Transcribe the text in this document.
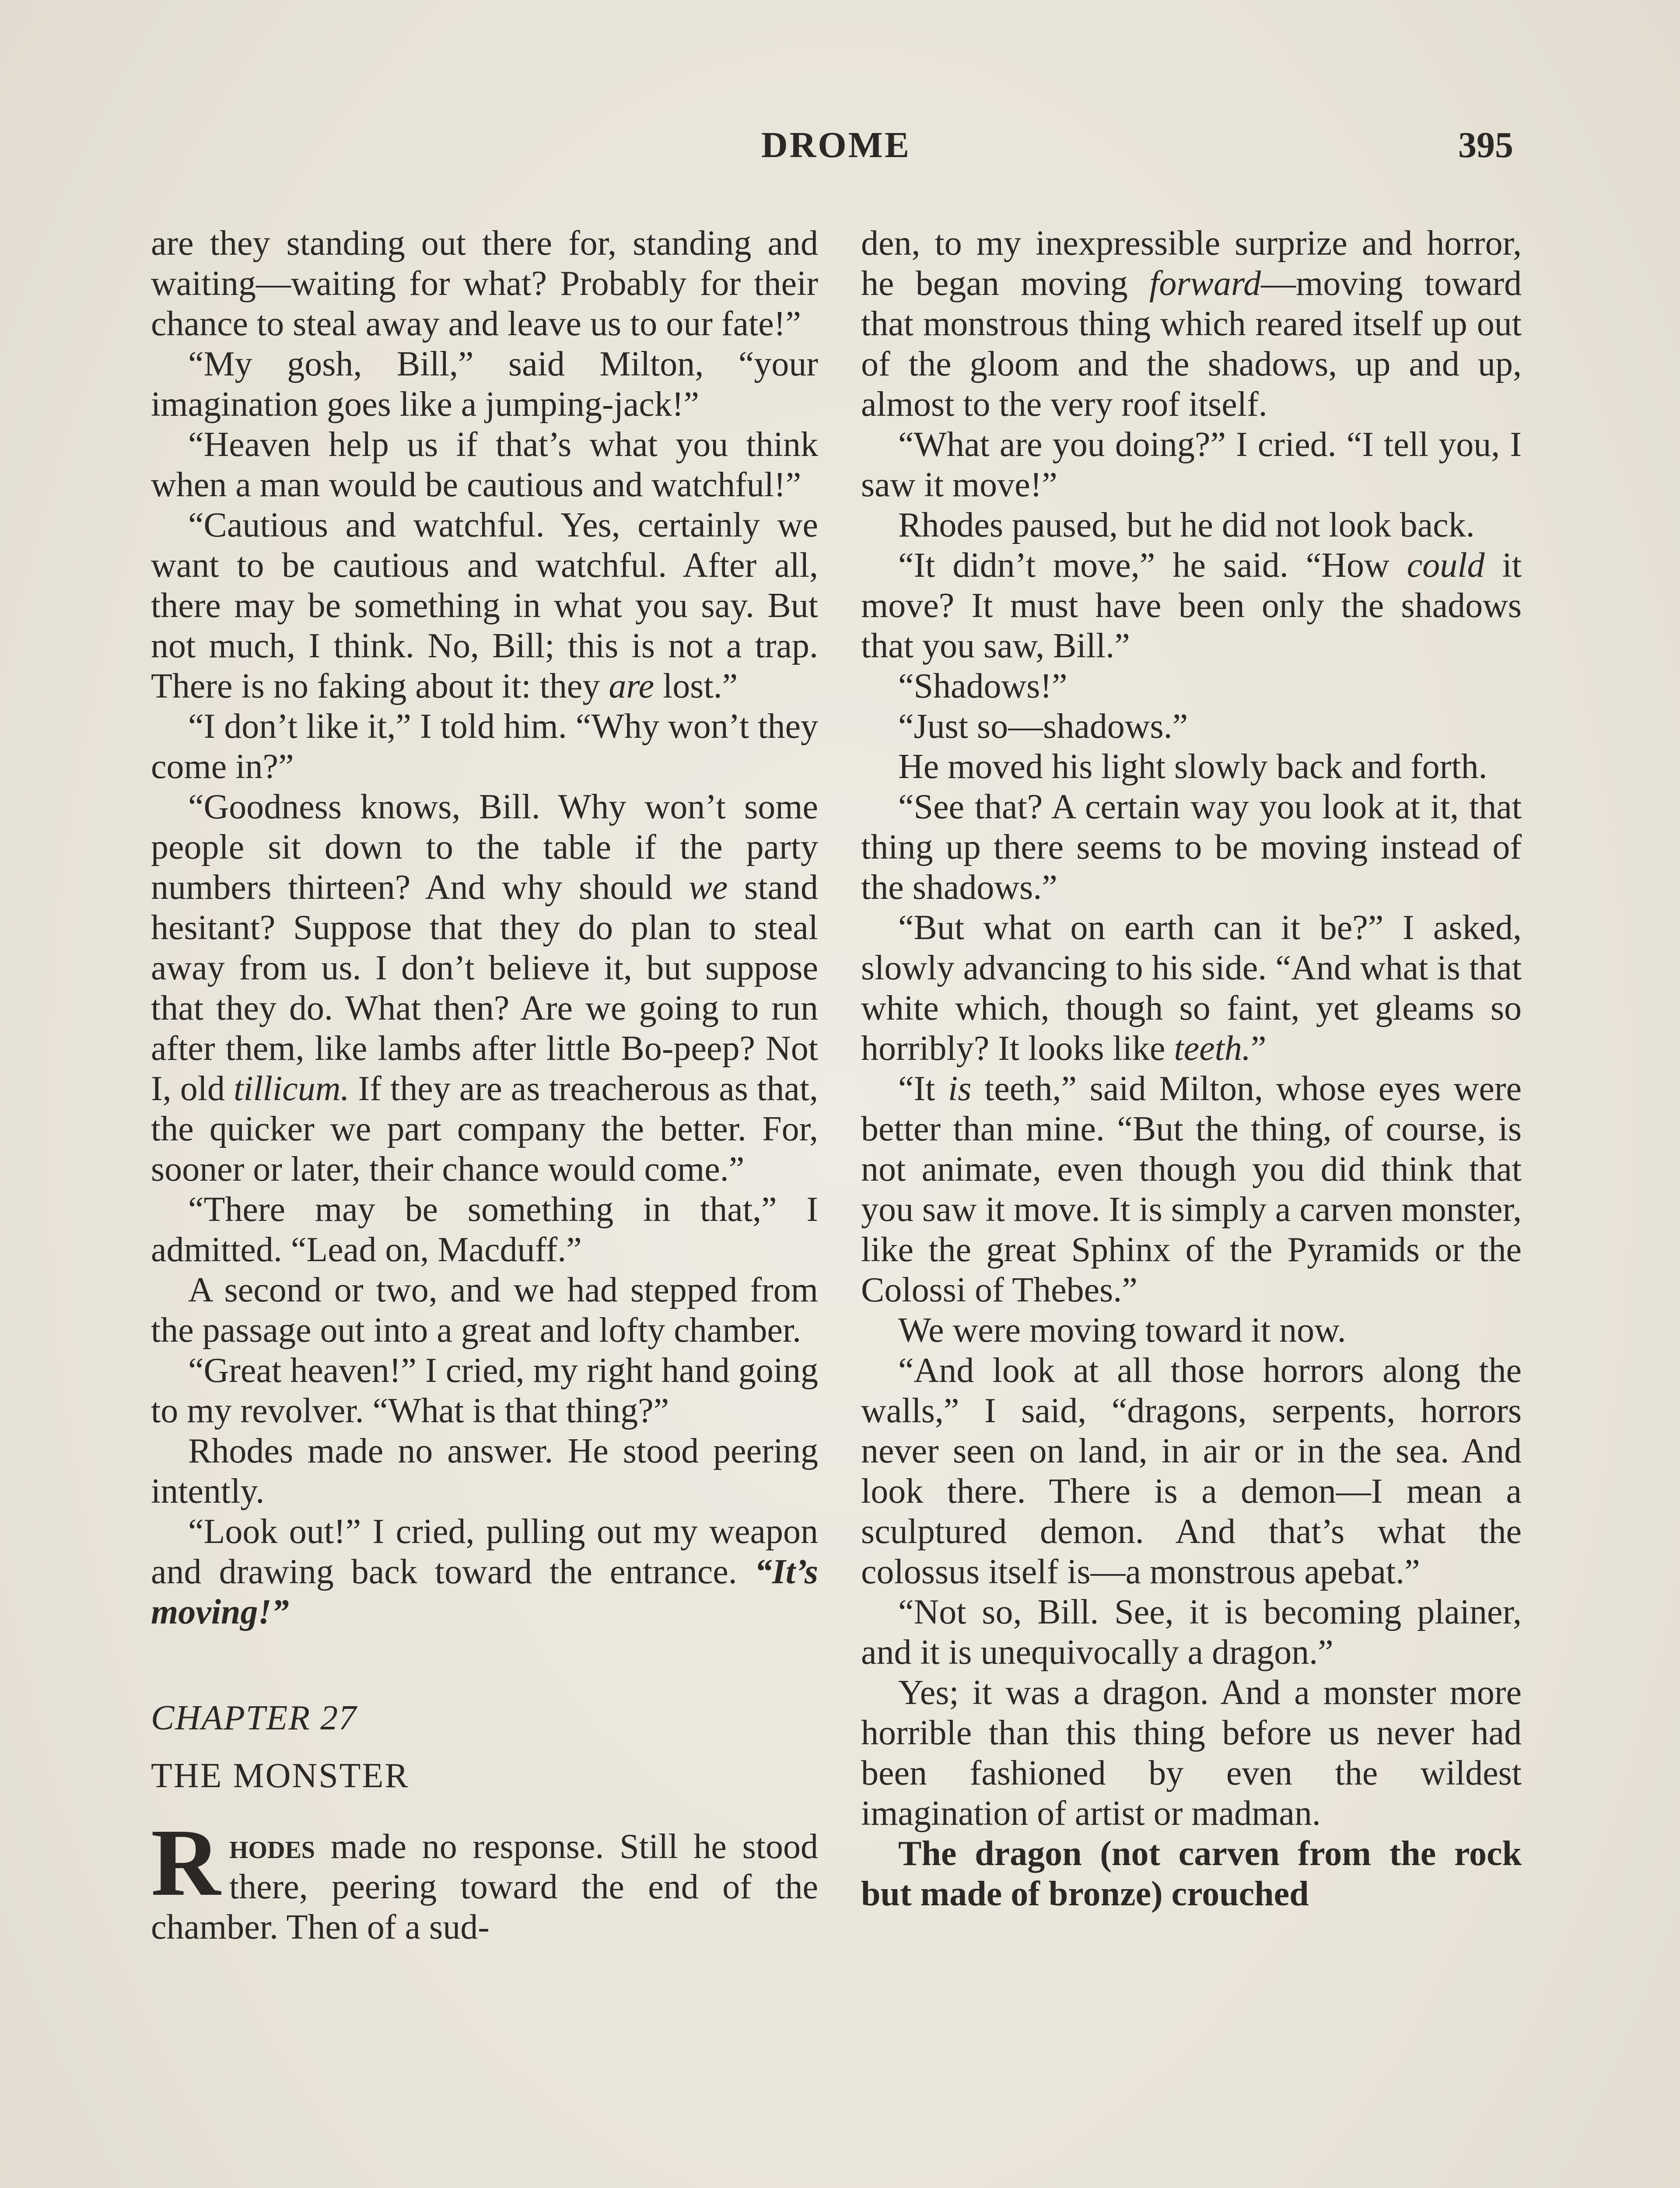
DROME	395

are they standing out there for, standing and waiting—waiting for what? Probably for their chance to steal away and leave us to our fate!”

“My gosh, Bill,” said Milton, “your imagination goes like a jumping-jack!”

“Heaven help us if that’s what you think when a man would be cautious and watchful!”

“Cautious and watchful. Yes, certainly we want to be cautious and watchful. After all, there may be something in what you say. But not much, I think. No, Bill; this is not a trap. There is no faking about it: they are lost.”

“I don’t like it,” I told him. “Why won’t they come in?”

“Goodness knows, Bill. Why won’t some people sit down to the table if the party numbers thirteen? And why should we stand hesitant? Suppose that they do plan to steal away from us. I don’t believe it, but suppose that they do. What then? Are we going to run after them, like lambs after little Bo-peep? Not I, old tillicum. If they are as treacherous as that, the quicker we part company the better. For, sooner or later, their chance would come.”

“There may be something in that,” I admitted. “Lead on, Macduff.”

A second or two, and we had stepped from the passage out into a great and lofty chamber.

“Great heaven!” I cried, my right hand going to my revolver. “What is that thing?”

Rhodes made no answer. He stood peering intently.

“Look out!” I cried, pulling out my weapon and drawing back toward the entrance. “It’s moving!”

CHAPTER 27

THE MONSTER

Rhodes made no response. Still he stood there, peering toward the end of the chamber. Then of a sud-

den, to my inexpressible surprize and horror, he began moving forward—moving toward that monstrous thing which reared itself up out of the gloom and the shadows, up and up, almost to the very roof itself.

“What are you doing?” I cried. “I tell you, I saw it move!”

Rhodes paused, but he did not look back.

“It didn’t move,” he said. “How could it move? It must have been only the shadows that you saw, Bill.”

“Shadows!”

“Just so—shadows.”

He moved his light slowly back and forth.

“See that? A certain way you look at it, that thing up there seems to be moving instead of the shadows.”

“But what on earth can it be?” I asked, slowly advancing to his side. “And what is that white which, though so faint, yet gleams so horribly? It looks like teeth.”

“It is teeth,” said Milton, whose eyes were better than mine. “But the thing, of course, is not animate, even though you did think that you saw it move. It is simply a carven monster, like the great Sphinx of the Pyramids or the Colossi of Thebes.”

We were moving toward it now.

“And look at all those horrors along the walls,” I said, “dragons, serpents, horrors never seen on land, in air or in the sea. And look there. There is a demon—I mean a sculptured demon. And that’s what the colossus itself is—a monstrous apebat.”

“Not so, Bill. See, it is becoming plainer, and it is unequivocally a dragon.”

Yes; it was a dragon. And a monster more horrible than this thing before us never had been fashioned by even the wildest imagination of artist or madman.

The dragon (not carven from the rock but made of bronze) crouched
